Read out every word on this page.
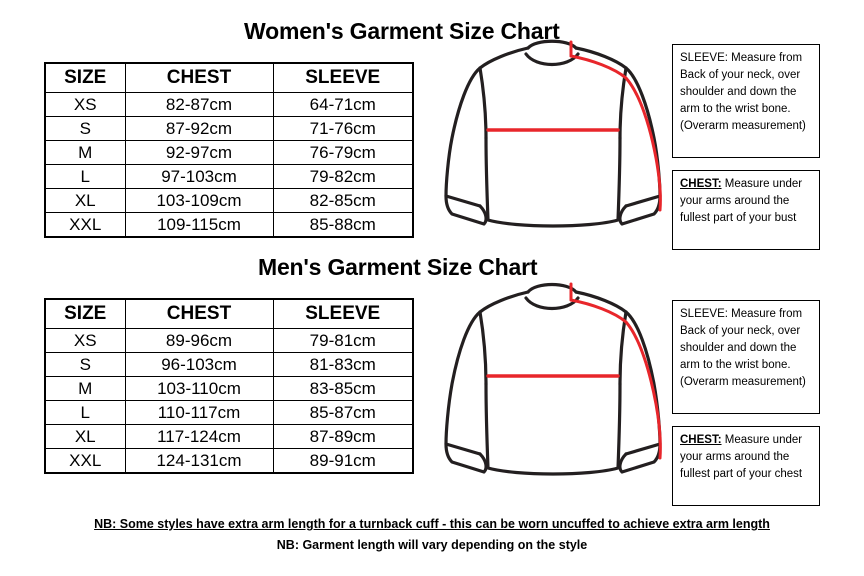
Women's Garment Size Chart
SIZE	CHEST	SLEEVE
XS	82-87cm	64-71cm
S	87-92cm	71-76cm
M	92-97cm	76-79cm
L	97-103cm	79-82cm
XL	103-109cm	82-85cm
XXL	109-115cm	85-88cm
SLEEVE: Measure from
Back of your neck, over
shoulder and down the
arm to the wrist bone.
(Overarm measurement)
CHEST: Measure under
your arms around the
fullest part of your bust
Men's Garment Size Chart
SIZE	CHEST	SLEEVE
XS	89-96cm	79-81cm
S	96-103cm	81-83cm
M	103-110cm	83-85cm
L	110-117cm	85-87cm
XL	117-124cm	87-89cm
XXL	124-131cm	89-91cm
SLEEVE: Measure from
Back of your neck, over
shoulder and down the
arm to the wrist bone.
(Overarm measurement)
CHEST: Measure under
your arms around the
fullest part of your chest
NB: Some styles have extra arm length for a turnback cuff - this can be worn uncuffed to achieve extra arm length
NB: Garment length will vary depending on the style
